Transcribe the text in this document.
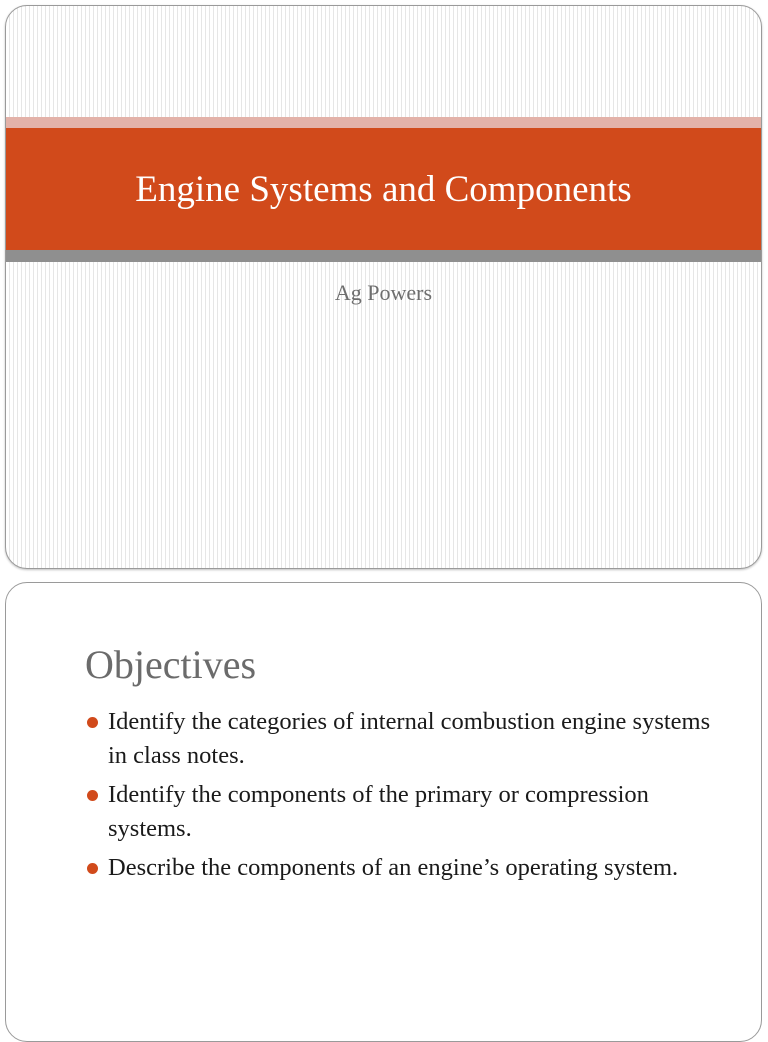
Engine Systems and Components
Ag Powers
Objectives
Identify the categories of internal combustion engine systems in class notes.
Identify the components of the primary or compression systems.
Describe the components of an engine’s operating system.
